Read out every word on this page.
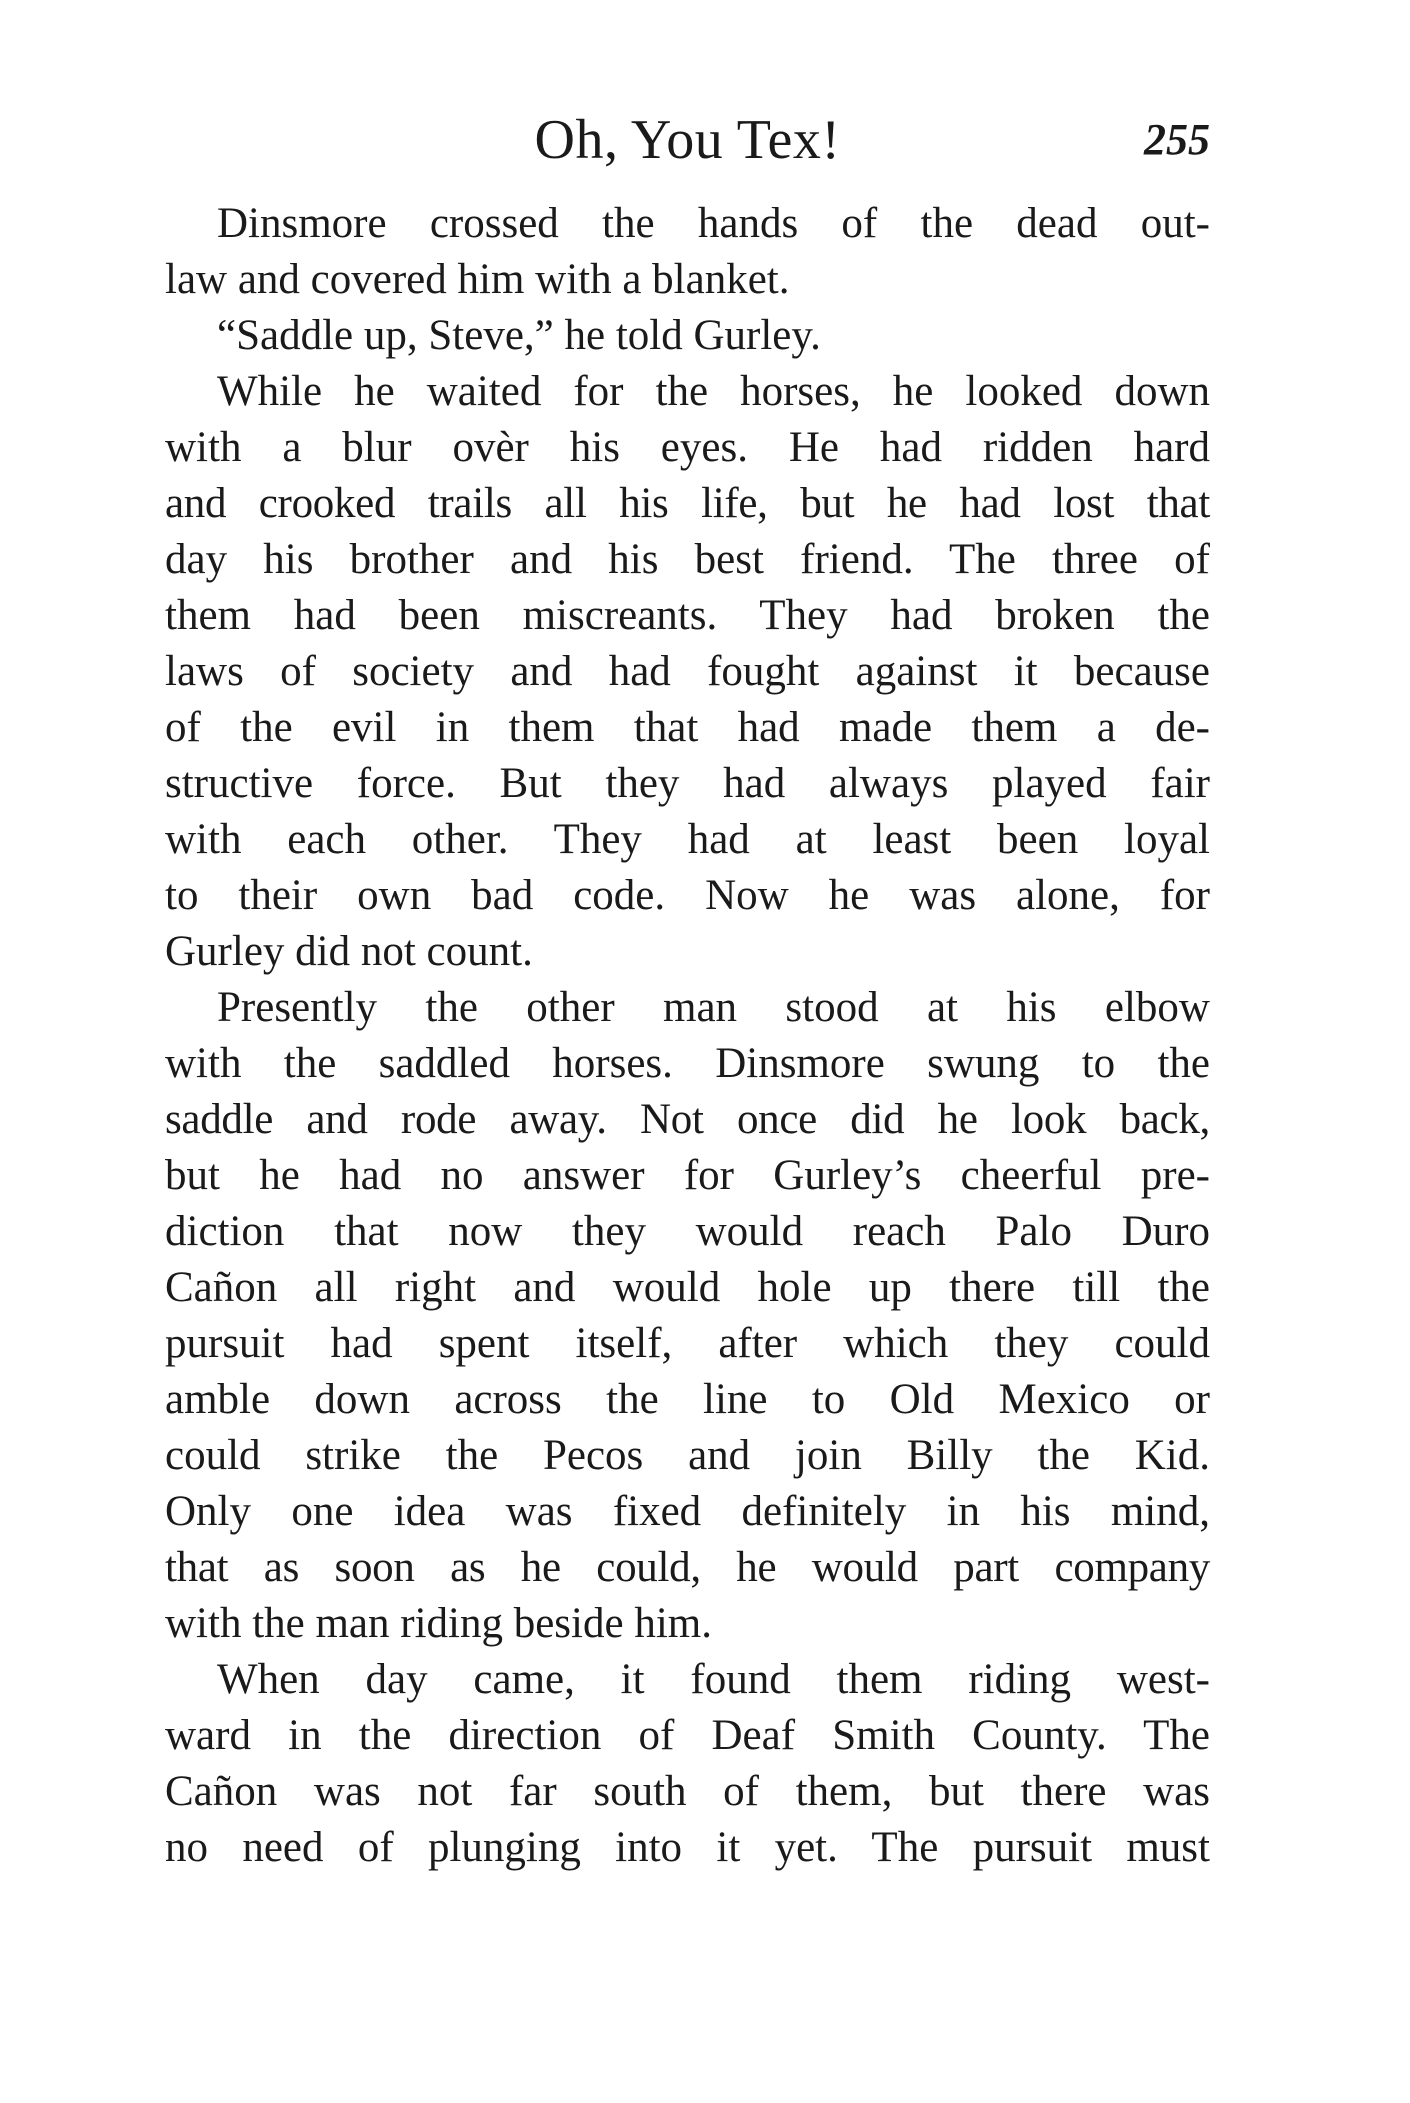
Oh, You Tex!	255
Dinsmore crossed the hands of the dead out-
law and covered him with a blanket.
“Saddle up, Steve,” he told Gurley.
While he waited for the horses, he looked down
with a blur ovèr his eyes. He had ridden hard
and crooked trails all his life, but he had lost that
day his brother and his best friend. The three of
them had been miscreants. They had broken the
laws of society and had fought against it because
of the evil in them that had made them a de-
structive force. But they had always played fair
with each other. They had at least been loyal
to their own bad code. Now he was alone, for
Gurley did not count.
Presently the other man stood at his elbow
with the saddled horses. Dinsmore swung to the
saddle and rode away. Not once did he look back,
but he had no answer for Gurley’s cheerful pre-
diction that now they would reach Palo Duro
Cañon all right and would hole up there till the
pursuit had spent itself, after which they could
amble down across the line to Old Mexico or
could strike the Pecos and join Billy the Kid.
Only one idea was fixed definitely in his mind,
that as soon as he could, he would part company
with the man riding beside him.
When day came, it found them riding west-
ward in the direction of Deaf Smith County. The
Cañon was not far south of them, but there was
no need of plunging into it yet. The pursuit must
